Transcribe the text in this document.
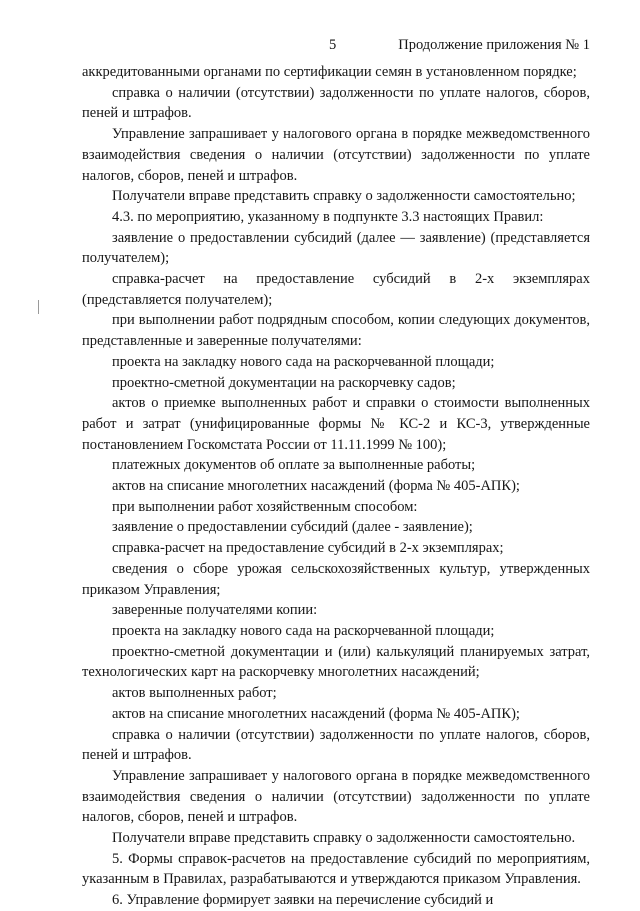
5	Продолжение приложения № 1

аккредитованными органами по сертификации семян в установленном порядке;

справка о наличии (отсутствии) задолженности по уплате налогов, сборов, пеней и штрафов.

Управление запрашивает у налогового органа в порядке межведомственного взаимодействия сведения о наличии (отсутствии) задолженности по уплате налогов, сборов, пеней и штрафов.

Получатели вправе представить справку о задолженности самостоятельно;

4.3. по мероприятию, указанному в подпункте 3.3 настоящих Правил:

заявление о предоставлении субсидий (далее — заявление) (представляется получателем);

справка-расчет на предоставление субсидий в 2-х экземплярах (представляется получателем);

при выполнении работ подрядным способом, копии следующих документов, представленные и заверенные получателями:

проекта на закладку нового сада на раскорчеванной площади;

проектно-сметной документации на раскорчевку садов;

актов о приемке выполненных работ и справки о стоимости выполненных работ и затрат (унифицированные формы № КС-2 и КС-3, утвержденные постановлением Госкомстата России от 11.11.1999 № 100);

платежных документов об оплате за выполненные работы;

актов на списание многолетних насаждений (форма № 405-АПК);

при выполнении работ хозяйственным способом:

заявление о предоставлении субсидий (далее - заявление);

справка-расчет на предоставление субсидий в 2-х экземплярах;

сведения о сборе урожая сельскохозяйственных культур, утвержденных приказом Управления;

заверенные получателями копии:

проекта на закладку нового сада на раскорчеванной площади;

проектно-сметной документации и (или) калькуляций планируемых затрат, технологических карт на раскорчевку многолетних насаждений;

актов выполненных работ;

актов на списание многолетних насаждений (форма № 405-АПК);

справка о наличии (отсутствии) задолженности по уплате налогов, сборов, пеней и штрафов.

Управление запрашивает у налогового органа в порядке межведомственного взаимодействия сведения о наличии (отсутствии) задолженности по уплате налогов, сборов, пеней и штрафов.

Получатели вправе представить справку о задолженности самостоятельно.

5. Формы справок-расчетов на предоставление субсидий по мероприятиям, указанным в Правилах, разрабатываются и утверждаются приказом Управления.

6. Управление формирует заявки на перечисление субсидий и
